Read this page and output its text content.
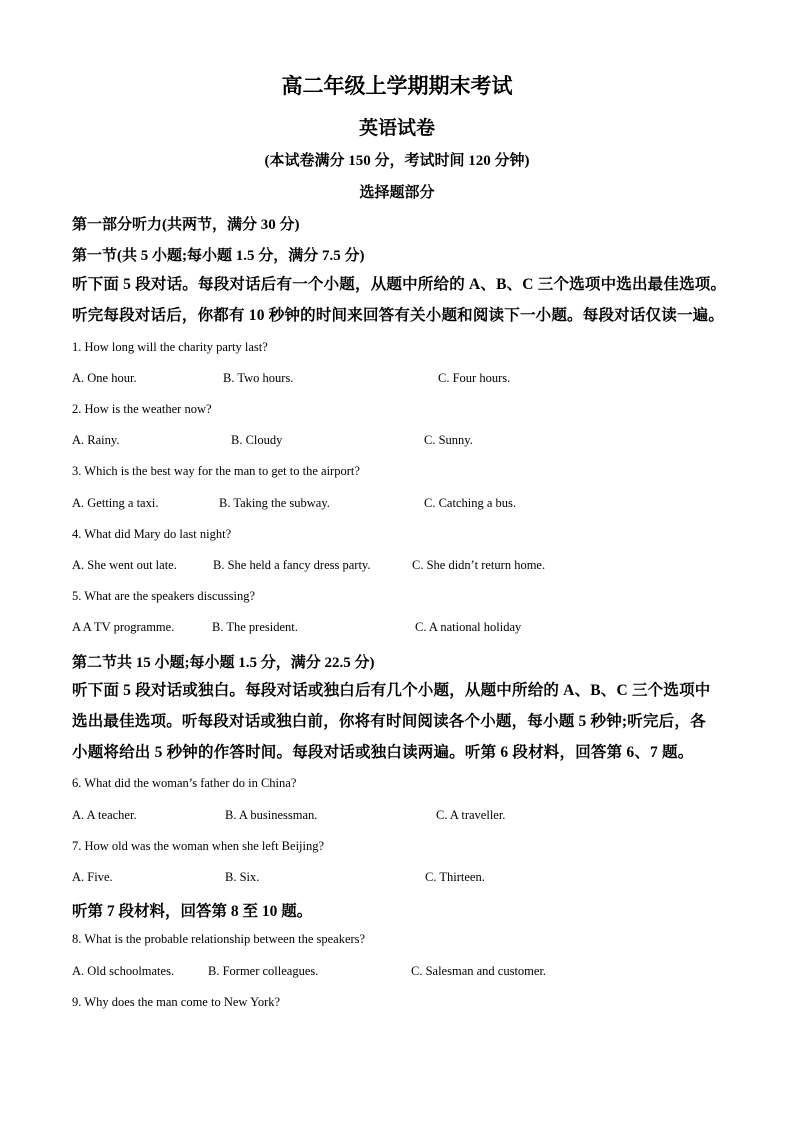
高二年级上学期期末考试
英语试卷
(本试卷满分 150 分，考试时间 120 分钟)
选择题部分
第一部分听力(共两节，满分 30 分)
第一节(共 5 小题;每小题 1.5 分，满分 7.5 分)

听下面 5 段对话。每段对话后有一个小题，从题中所给的 A、B、C 三个选项中选出最佳选项。

听完每段对话后，你都有 10 秒钟的时间来回答有关小题和阅读下一小题。每段对话仅读一遍。

1. How long will the charity party last?
A. One hour.	B. Two hours.	C. Four hours.
2. How is the weather now?
A. Rainy.	B. Cloudy	C. Sunny.
3. Which is the best way for the man to get to the airport?
A. Getting a taxi.	B. Taking the subway.	C. Catching a bus.
4. What did Mary do last night?
A. She went out late.	B. She held a fancy dress party.	C. She didn’t return home.
5. What are the speakers discussing?
A A TV programme.	B. The president.	C. A national holiday
第二节共 15 小题;每小题 1.5 分，满分 22.5 分)

听下面 5 段对话或独白。每段对话或独白后有几个小题，从题中所给的 A、B、C 三个选项中

选出最佳选项。听每段对话或独白前，你将有时间阅读各个小题，每小题 5 秒钟;听完后，各

小题将给出 5 秒钟的作答时间。每段对话或独白读两遍。听第 6 段材料，回答第 6、7 题。

6. What did the woman’s father do in China?
A. A teacher.	B. A businessman.	C. A traveller.
7. How old was the woman when she left Beijing?
A. Five.	B. Six.	C. Thirteen.
听第 7 段材料，回答第 8 至 10 题。
8. What is the probable relationship between the speakers?
A. Old schoolmates.	B. Former colleagues.	C. Salesman and customer.
9. Why does the man come to New York?
